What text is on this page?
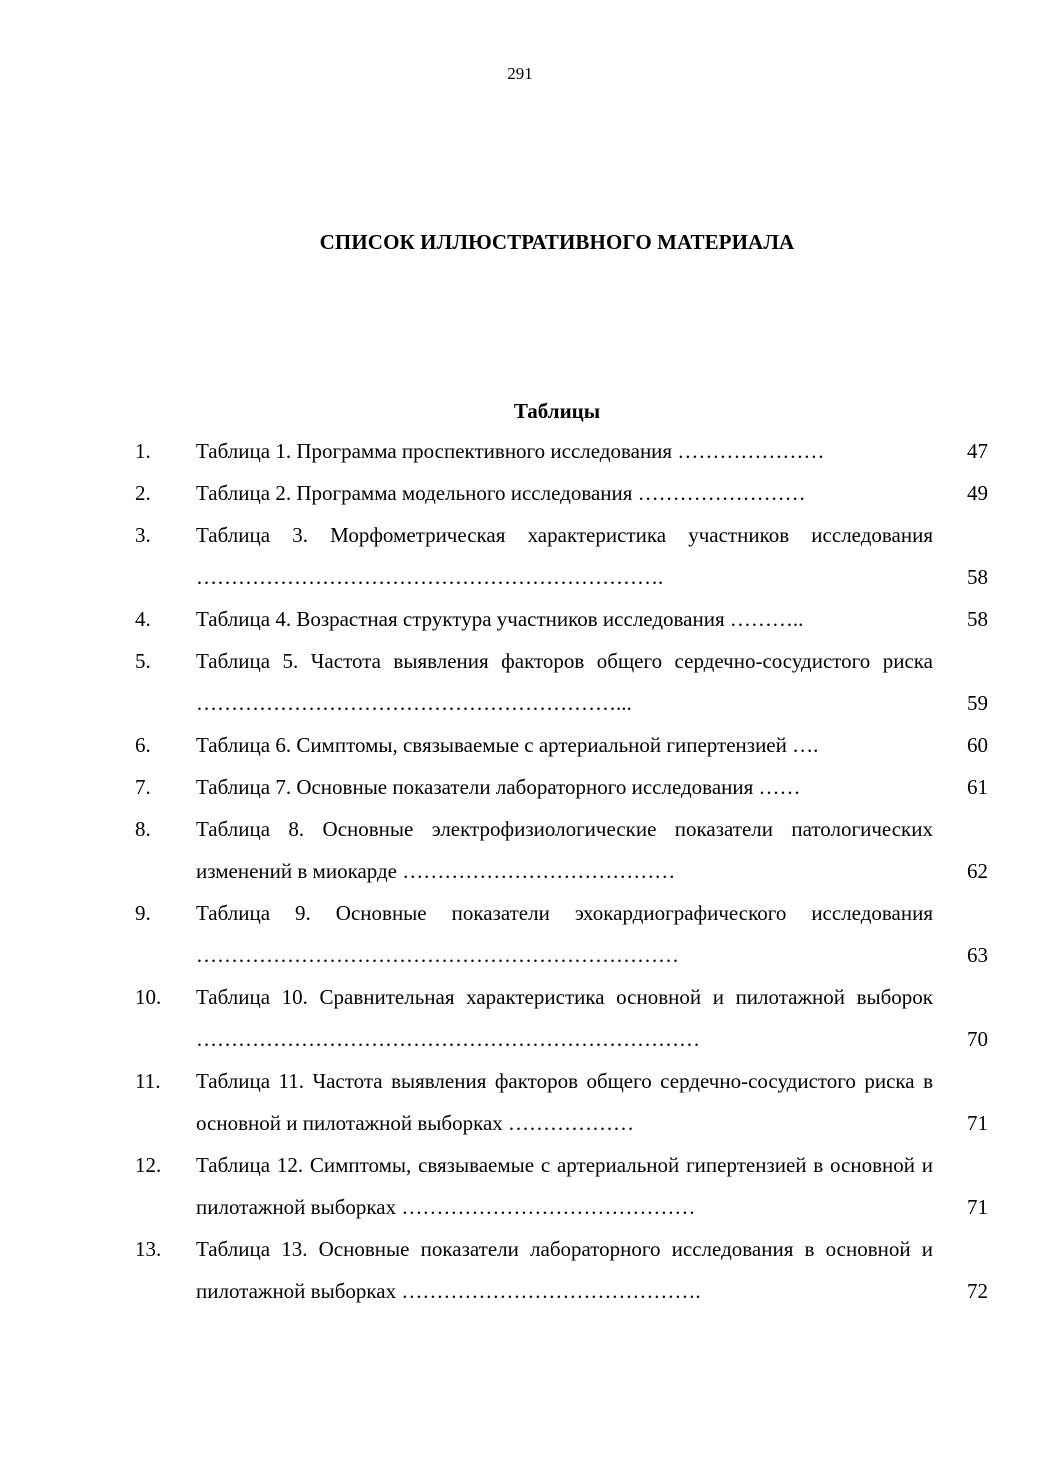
291
СПИСОК ИЛЛЮСТРАТИВНОГО МАТЕРИАЛА
Таблицы
1. Таблица 1. Программа проспективного исследования …………………	47
2. Таблица 2. Программа модельного исследования ……………………	49
3. Таблица 3. Морфометрическая характеристика участников исследования ………………………………………………………….	58
4. Таблица 4. Возрастная структура участников исследования ………..	58
5. Таблица 5. Частота выявления факторов общего сердечно-сосудистого риска ……………………………………………………...	59
6. Таблица 6. Симптомы, связываемые с артериальной гипертензией ….	60
7. Таблица 7. Основные показатели лабораторного исследования ……	61
8. Таблица 8. Основные электрофизиологические показатели патологических изменений в миокарде …………………………………	62
9. Таблица 9. Основные показатели эхокардиографического исследования ……………………………………………………………	63
10. Таблица 10. Сравнительная характеристика основной и пилотажной выборок ………………………………………………………………	70
11. Таблица 11. Частота выявления факторов общего сердечно-сосудистого риска в основной и пилотажной выборках ………………	71
12. Таблица 12. Симптомы, связываемые с артериальной гипертензией в основной и пилотажной выборках ……………………………………	71
13. Таблица 13. Основные показатели лабораторного исследования в основной и пилотажной выборках …………………………………….	72
